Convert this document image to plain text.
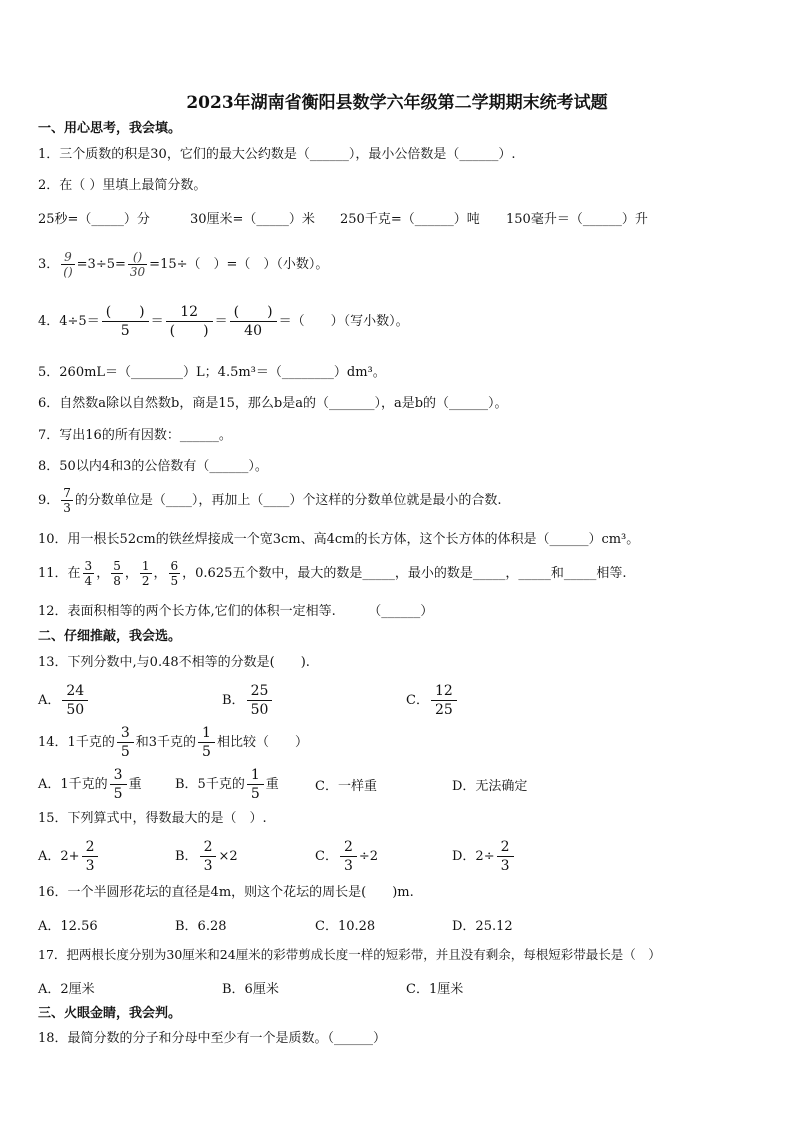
2023年湖南省衡阳县数学六年级第二学期期末统考试题
一、用心思考，我会填。
1．三个质数的积是30，它们的最大公约数是（______），最小公倍数是（______）.
2．在（ ）里填上最简分数。
25秒=（_____）分	30厘米=（_____）米 250千克=（______）吨 150毫升＝（______）升
3． $\frac{9}{()} =3\div 5= \frac{()}{30} =15\div$（　）=（　）（小数）。
4．$4\div 5= \frac{( )}{5} = \frac{12}{( )} = \frac{( )}{40}$ ＝（　　）（写小数）。
5．260mL＝（________）L；4.5m³＝（________）dm³。
6．自然数a除以自然数b，商是15，那么b是a的（_______），a是b的（______）。
7．写出16的所有因数：______。
8．50以内4和3的公倍数有（______）。
9． $\frac{7}{3}$ 的分数单位是（____），再加上（____）个这样的分数单位就是最小的合数.
10．用一根长52cm的铁丝焊接成一个宽3cm、高4cm的长方体，这个长方体的体积是（______）cm³。
11．在 $\frac{3}{4}$ ， $\frac{5}{8}$ ， $\frac{1}{2}$ ， $\frac{6}{5}$ ，0.625五个数中，最大的数是_____，最小的数是_____，_____和_____相等.
12．表面积相等的两个长方体,它们的体积一定相等.　　　（______）
二、仔细推敲，我会选。
13．下列分数中,与0.48不相等的分数是(　　).
A． $\frac{24}{50}$	B． $\frac{25}{50}$	C． $\frac{12}{25}$
14．1千克的 $\frac{3}{5}$ 和3千克的 $\frac{1}{5}$ 相比较（　　）
A．1千克的 $\frac{3}{5}$ 重	B．5千克的 $\frac{1}{5}$ 重	C．一样重	D．无法确定
15．下列算式中，得数最大的是（　）.
A．$2+ \frac{2}{3}$	B． $\frac{2}{3} \times 2$	C． $\frac{2}{3} \div 2$	D．$2\div \frac{2}{3}$
16．一个半圆形花坛的直径是4m，则这个花坛的周长是(　　)m.
A．12.56	B．6.28	C．10.28	D．25.12
17．把两根长度分别为30厘米和24厘米的彩带剪成长度一样的短彩带，并且没有剩余，每根短彩带最长是（　）
A．2厘米	B．6厘米	C．1厘米
三、火眼金睛，我会判。
18．最简分数的分子和分母中至少有一个是质数。（______）
